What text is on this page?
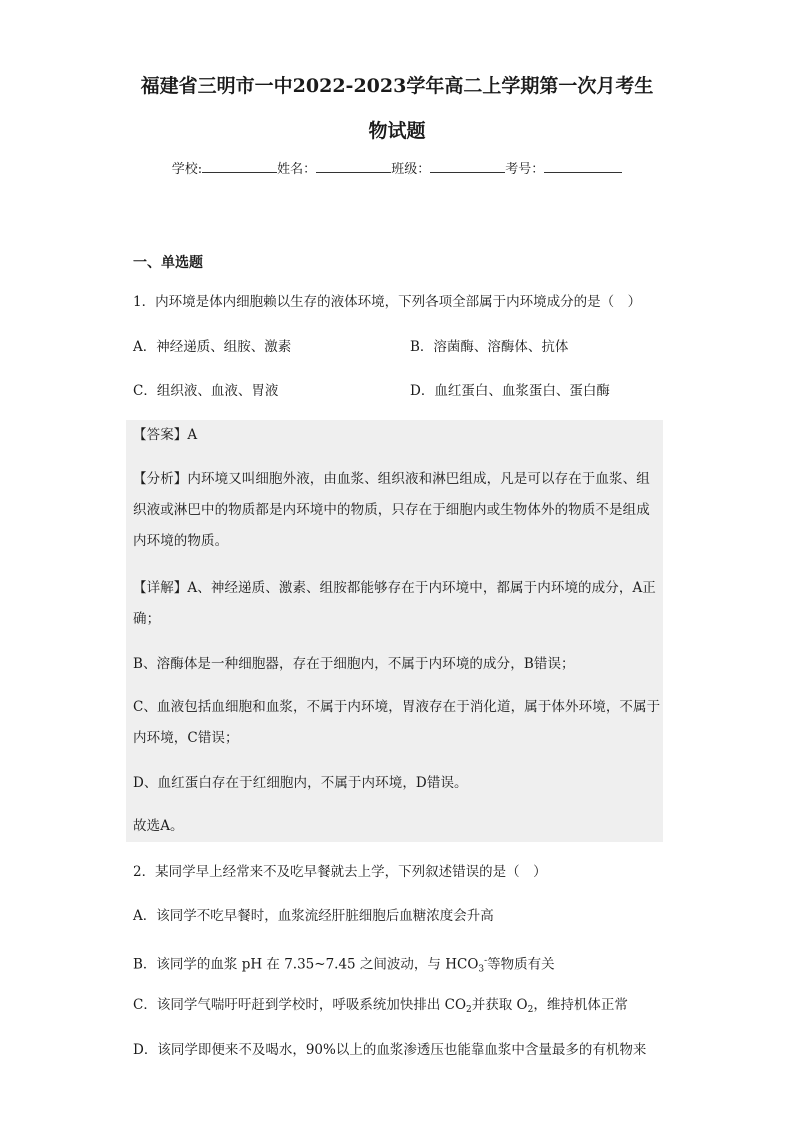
福建省三明市一中2022-2023学年高二上学期第一次月考生
物试题
学校:	姓名：	班级：	考号：
一、单选题
1．内环境是体内细胞赖以生存的液体环境，下列各项全部属于内环境成分的是（　）
A．神经递质、组胺、激素	B．溶菌酶、溶酶体、抗体
C．组织液、血液、胃液	D．血红蛋白、血浆蛋白、蛋白酶
【答案】A
【分析】内环境又叫细胞外液，由血浆、组织液和淋巴组成，凡是可以存在于血浆、组织液或淋巴中的物质都是内环境中的物质，只存在于细胞内或生物体外的物质不是组成内环境的物质。
【详解】A、神经递质、激素、组胺都能够存在于内环境中，都属于内环境的成分，A正确；
B、溶酶体是一种细胞器，存在于细胞内，不属于内环境的成分，B错误；
C、血液包括血细胞和血浆，不属于内环境，胃液存在于消化道，属于体外环境，不属于内环境，C错误；
D、血红蛋白存在于红细胞内，不属于内环境，D错误。
故选A。
2．某同学早上经常来不及吃早餐就去上学，下列叙述错误的是（　）
A．该同学不吃早餐时，血浆流经肝脏细胞后血糖浓度会升高
B．该同学的血浆 pH 在 7.35~7.45 之间波动，与 $HCO_3^-$等物质有关
C．该同学气喘吁吁赶到学校时，呼吸系统加快排出 $CO_2$并获取 $O_2$，维持机体正常
D．该同学即便来不及喝水，90%以上的血浆渗透压也能靠血浆中含量最多的有机物来
